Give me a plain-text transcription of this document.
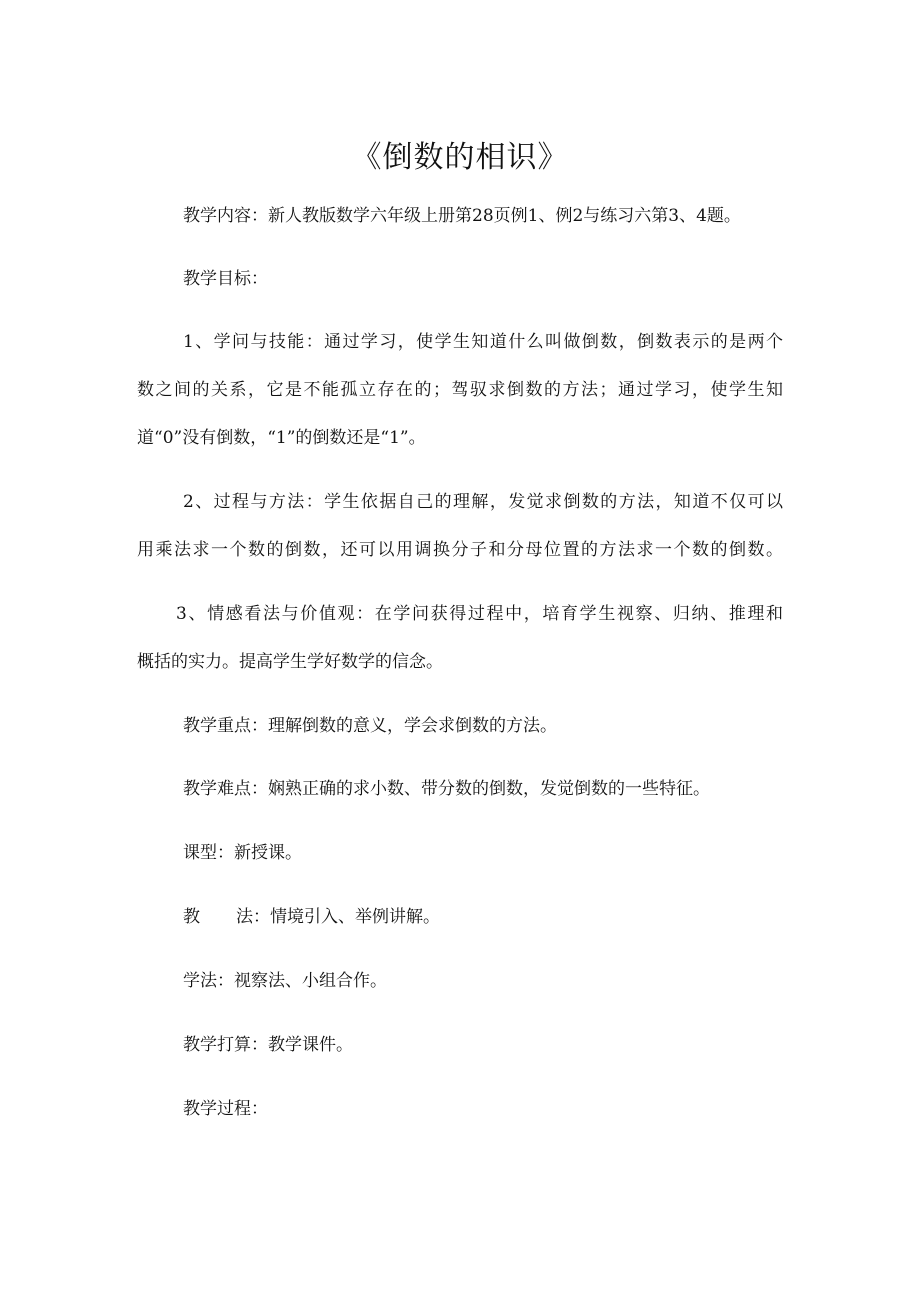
《倒数的相识》
教学内容：新人教版数学六年级上册第28页例1、例2与练习六第3、4题。
教学目标：
1、学问与技能：通过学习，使学生知道什么叫做倒数，倒数表示的是两个
数之间的关系，它是不能孤立存在的；驾驭求倒数的方法；通过学习，使学生知
道“0”没有倒数，“1”的倒数还是“1”。
2、过程与方法：学生依据自己的理解，发觉求倒数的方法，知道不仅可以
用乘法求一个数的倒数，还可以用调换分子和分母位置的方法求一个数的倒数。
3、情感看法与价值观：在学问获得过程中，培育学生视察、归纳、推理和
概括的实力。提高学生学好数学的信念。
教学重点：理解倒数的意义，学会求倒数的方法。
教学难点：娴熟正确的求小数、带分数的倒数，发觉倒数的一些特征。
课型：新授课。
教 法：情境引入、举例讲解。
学法：视察法、小组合作。
教学打算：教学课件。
教学过程：
